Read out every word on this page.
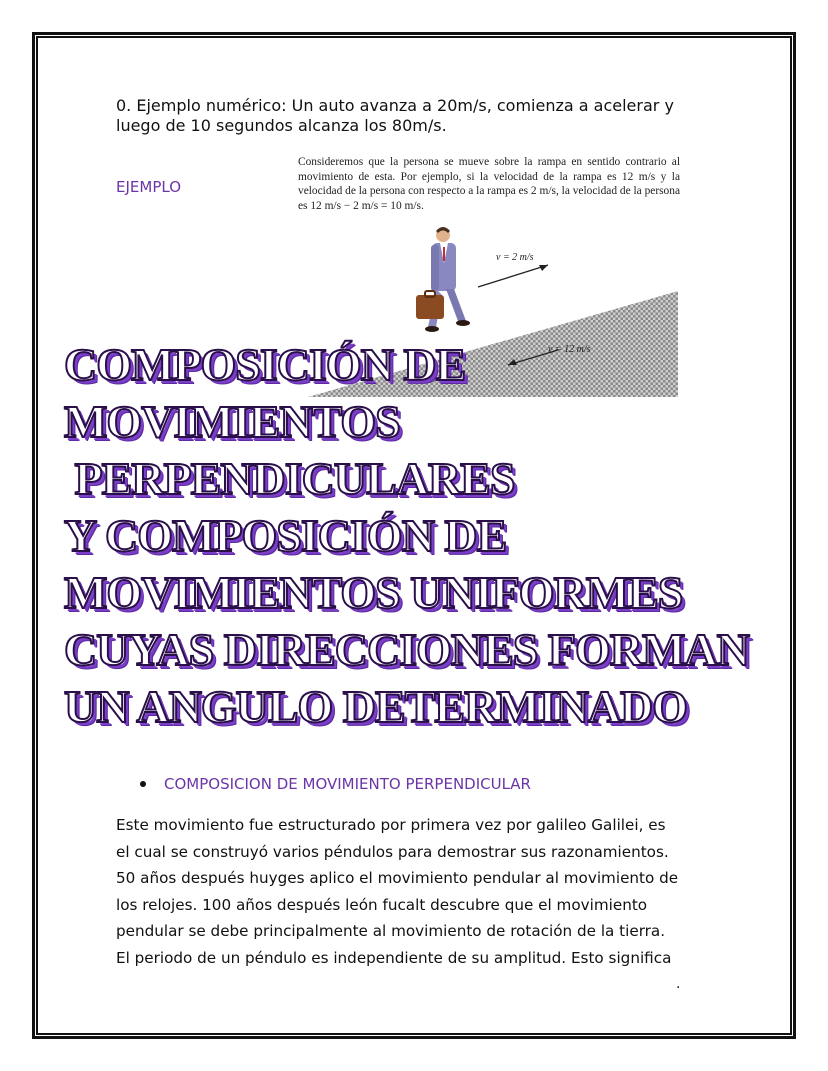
0. Ejemplo numérico: Un auto avanza a 20m/s, comienza a acelerar y
luego de 10 segundos alcanza los 80m/s.
EJEMPLO
Consideremos que la persona se mueve sobre la rampa en sentido contrario al movimiento de esta. Por ejemplo, si la velocidad de la rampa es 12 m/s y la velocidad de la persona con respecto a la rampa es 2 m/s, la velocidad de la persona es 12 m/s − 2 m/s = 10 m/s.
v = 2 m/s
v = 12 m/s
COMPOSICIÓN DE
MOVIMIENTOS
PERPENDICULARES
Y COMPOSICIÓN DE
MOVIMIENTOS UNIFORMES
CUYAS DIRECCIONES FORMAN
UN ANGULO DETERMINADO
COMPOSICION DE MOVIMIENTO PERPENDICULAR
Este movimiento fue estructurado por primera vez por galileo Galilei, es
el cual se construyó varios péndulos para demostrar sus razonamientos.
50 años después huyges aplico el movimiento pendular al movimiento de
los relojes. 100 años después león fucalt descubre que el movimiento
pendular se debe principalmente al movimiento de rotación de la tierra.
El periodo de un péndulo es independiente de su amplitud. Esto significa
.
